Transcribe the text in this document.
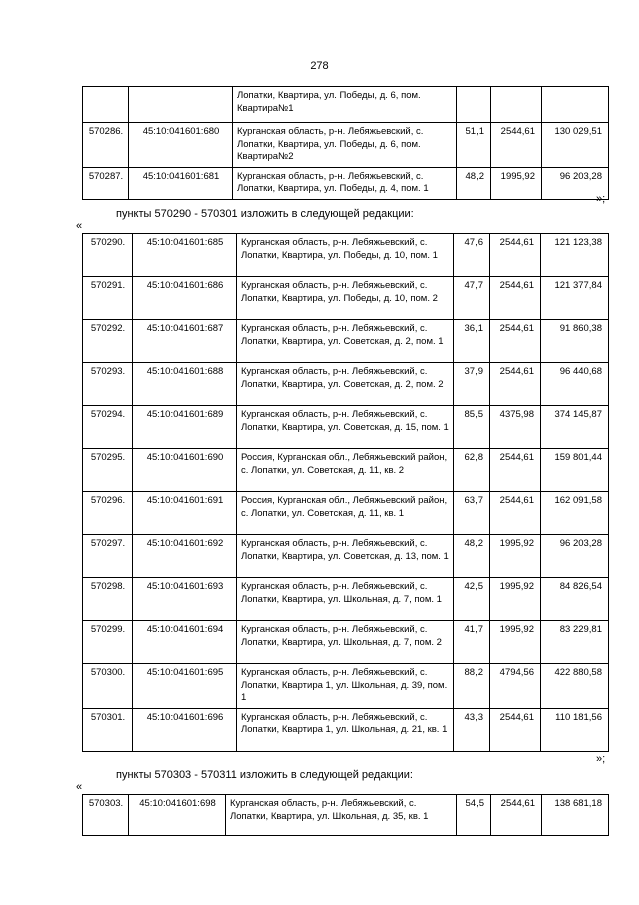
278
		Лопатки, Квартира, ул. Победы, д. 6, пом. Квартира№1			
570286.	45:10:041601:680	Курганская область, р-н. Лебяжьевский, с. Лопатки, Квартира, ул. Победы, д. 6, пом. Квартира№2	51,1	2544,61	130 029,51
570287.	45:10:041601:681	Курганская область, р-н. Лебяжьевский, с. Лопатки, Квартира, ул. Победы, д. 4, пом. 1	48,2	1995,92	96 203,28
»;
пункты 570290 - 570301 изложить в следующей редакции:
«
570290.	45:10:041601:685	Курганская область, р-н. Лебяжьевский, с. Лопатки, Квартира, ул. Победы, д. 10, пом. 1	47,6	2544,61	121 123,38
570291.	45:10:041601:686	Курганская область, р-н. Лебяжьевский, с. Лопатки, Квартира, ул. Победы, д. 10, пом. 2	47,7	2544,61	121 377,84
570292.	45:10:041601:687	Курганская область, р-н. Лебяжьевский, с. Лопатки, Квартира, ул. Советская, д. 2, пом. 1	36,1	2544,61	91 860,38
570293.	45:10:041601:688	Курганская область, р-н. Лебяжьевский, с. Лопатки, Квартира, ул. Советская, д. 2, пом. 2	37,9	2544,61	96 440,68
570294.	45:10:041601:689	Курганская область, р-н. Лебяжьевский, с. Лопатки, Квартира, ул. Советская, д. 15, пом. 1	85,5	4375,98	374 145,87
570295.	45:10:041601:690	Россия, Курганская обл., Лебяжьевский район, с. Лопатки, ул. Советская, д. 11, кв. 2	62,8	2544,61	159 801,44
570296.	45:10:041601:691	Россия, Курганская обл., Лебяжьевский район, с. Лопатки, ул. Советская, д. 11, кв. 1	63,7	2544,61	162 091,58
570297.	45:10:041601:692	Курганская область, р-н. Лебяжьевский, с. Лопатки, Квартира, ул. Советская, д. 13, пом. 1	48,2	1995,92	96 203,28
570298.	45:10:041601:693	Курганская область, р-н. Лебяжьевский, с. Лопатки, Квартира, ул. Школьная, д. 7, пом. 1	42,5	1995,92	84 826,54
570299.	45:10:041601:694	Курганская область, р-н. Лебяжьевский, с. Лопатки, Квартира, ул. Школьная, д. 7, пом. 2	41,7	1995,92	83 229,81
570300.	45:10:041601:695	Курганская область, р-н. Лебяжьевский, с. Лопатки, Квартира 1, ул. Школьная, д. 39, пом. 1	88,2	4794,56	422 880,58
570301.	45:10:041601:696	Курганская область, р-н. Лебяжьевский, с. Лопатки, Квартира 1, ул. Школьная, д. 21, кв. 1	43,3	2544,61	110 181,56
»;
пункты 570303 - 570311 изложить в следующей редакции:
«
570303.	45:10:041601:698	Курганская область, р-н. Лебяжьевский, с. Лопатки, Квартира, ул. Школьная, д. 35, кв. 1	54,5	2544,61	138 681,18
